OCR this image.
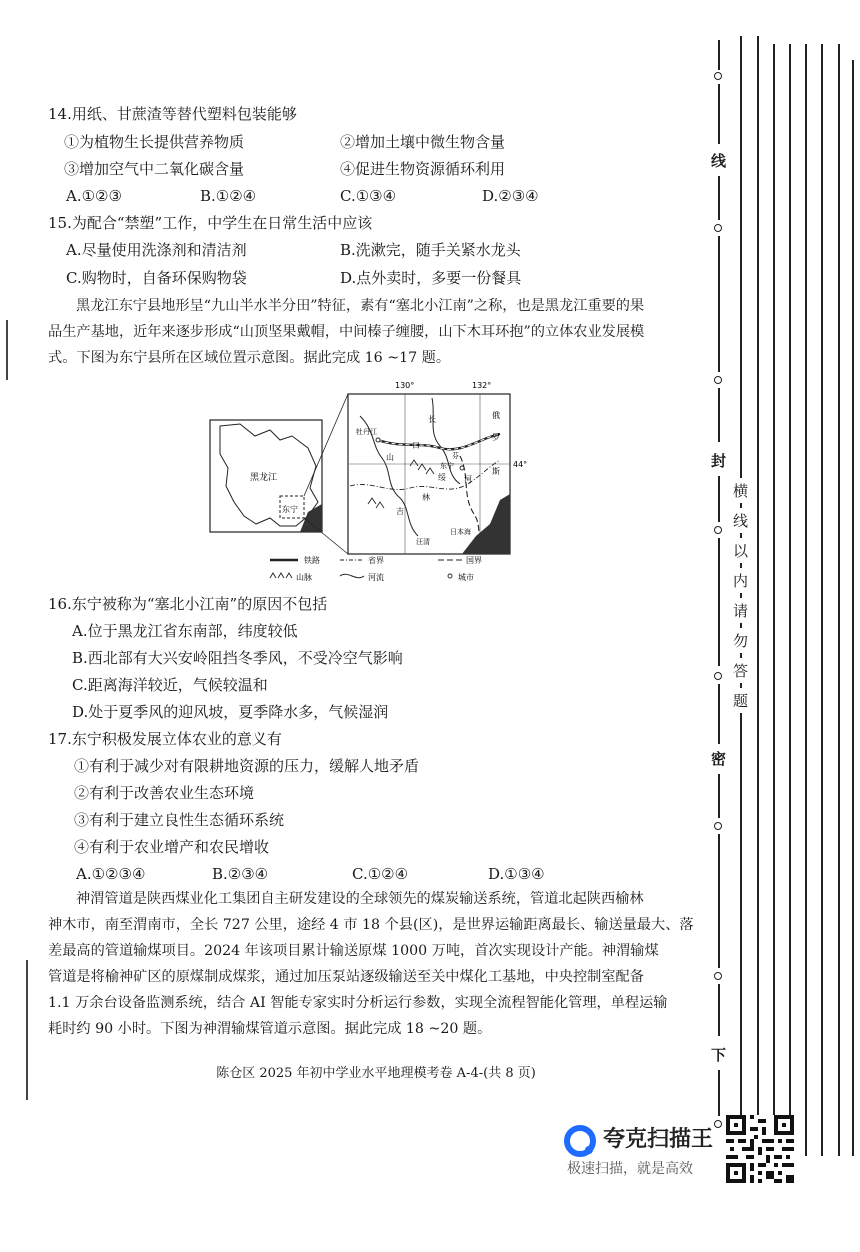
14.用纸、甘蔗渣等替代塑料包装能够
①为植物生长提供营养物质	②增加土壤中微生物含量
③增加空气中二氧化碳含量	④促进生物资源循环利用
A.①②③	B.①②④	C.①③④	D.②③④
15.为配合“禁塑”工作，中学生在日常生活中应该
A.尽量使用洗涤剂和清洁剂	B.洗漱完，随手关紧水龙头
C.购物时，自备环保购物袋	D.点外卖时，多要一份餐具
黑龙江东宁县地形呈“九山半水半分田”特征，素有“塞北小江南”之称，也是黑龙江重要的果
品生产基地，近年来逐步形成“山顶坚果戴帽，中间榛子缠腰，山下木耳环抱”的立体农业发展模
式。下图为东宁县所在区域位置示意图。据此完成 16 ~17 题。
黑龙江
东宁
130°	132°
44°
日本海
牡丹江
东宁
长
山
口
吉
林
绥 河
俄
罗
斯
芬
汪清
铁路	省界	国界
山脉	河流	城市
16.东宁被称为“塞北小江南”的原因不包括
A.位于黑龙江省东南部，纬度较低
B.西北部有大兴安岭阻挡冬季风，不受冷空气影响
C.距离海洋较近，气候较温和
D.处于夏季风的迎风坡，夏季降水多，气候湿润
17.东宁积极发展立体农业的意义有
①有利于减少对有限耕地资源的压力，缓解人地矛盾
②有利于改善农业生态环境
③有利于建立良性生态循环系统
④有利于农业增产和农民增收
A.①②③④	B.②③④	C.①②④	D.①③④
神渭管道是陕西煤业化工集团自主研发建设的全球领先的煤炭输送系统，管道北起陕西榆林
神木市，南至渭南市，全长 727 公里，途经 4 市 18 个县(区)，是世界运输距离最长、输送量最大、落
差最高的管道输煤项目。2024 年该项目累计输送原煤 1000 万吨，首次实现设计产能。神渭输煤
管道是将榆神矿区的原煤制成煤浆，通过加压泵站逐级输送至关中煤化工基地，中央控制室配备
1.1 万余台设备监测系统，结合 AI 智能专家实时分析运行参数，实现全流程智能化管理，单程运输
耗时约 90 小时。下图为神渭输煤管道示意图。据此完成 18 ~20 题。
陈仓区 2025 年初中学业水平地理模考卷 A-4-(共 8 页)
线
封
密
下
横
线
以
内
请
勿
答
题
夸克扫描王
极速扫描，就是高效
